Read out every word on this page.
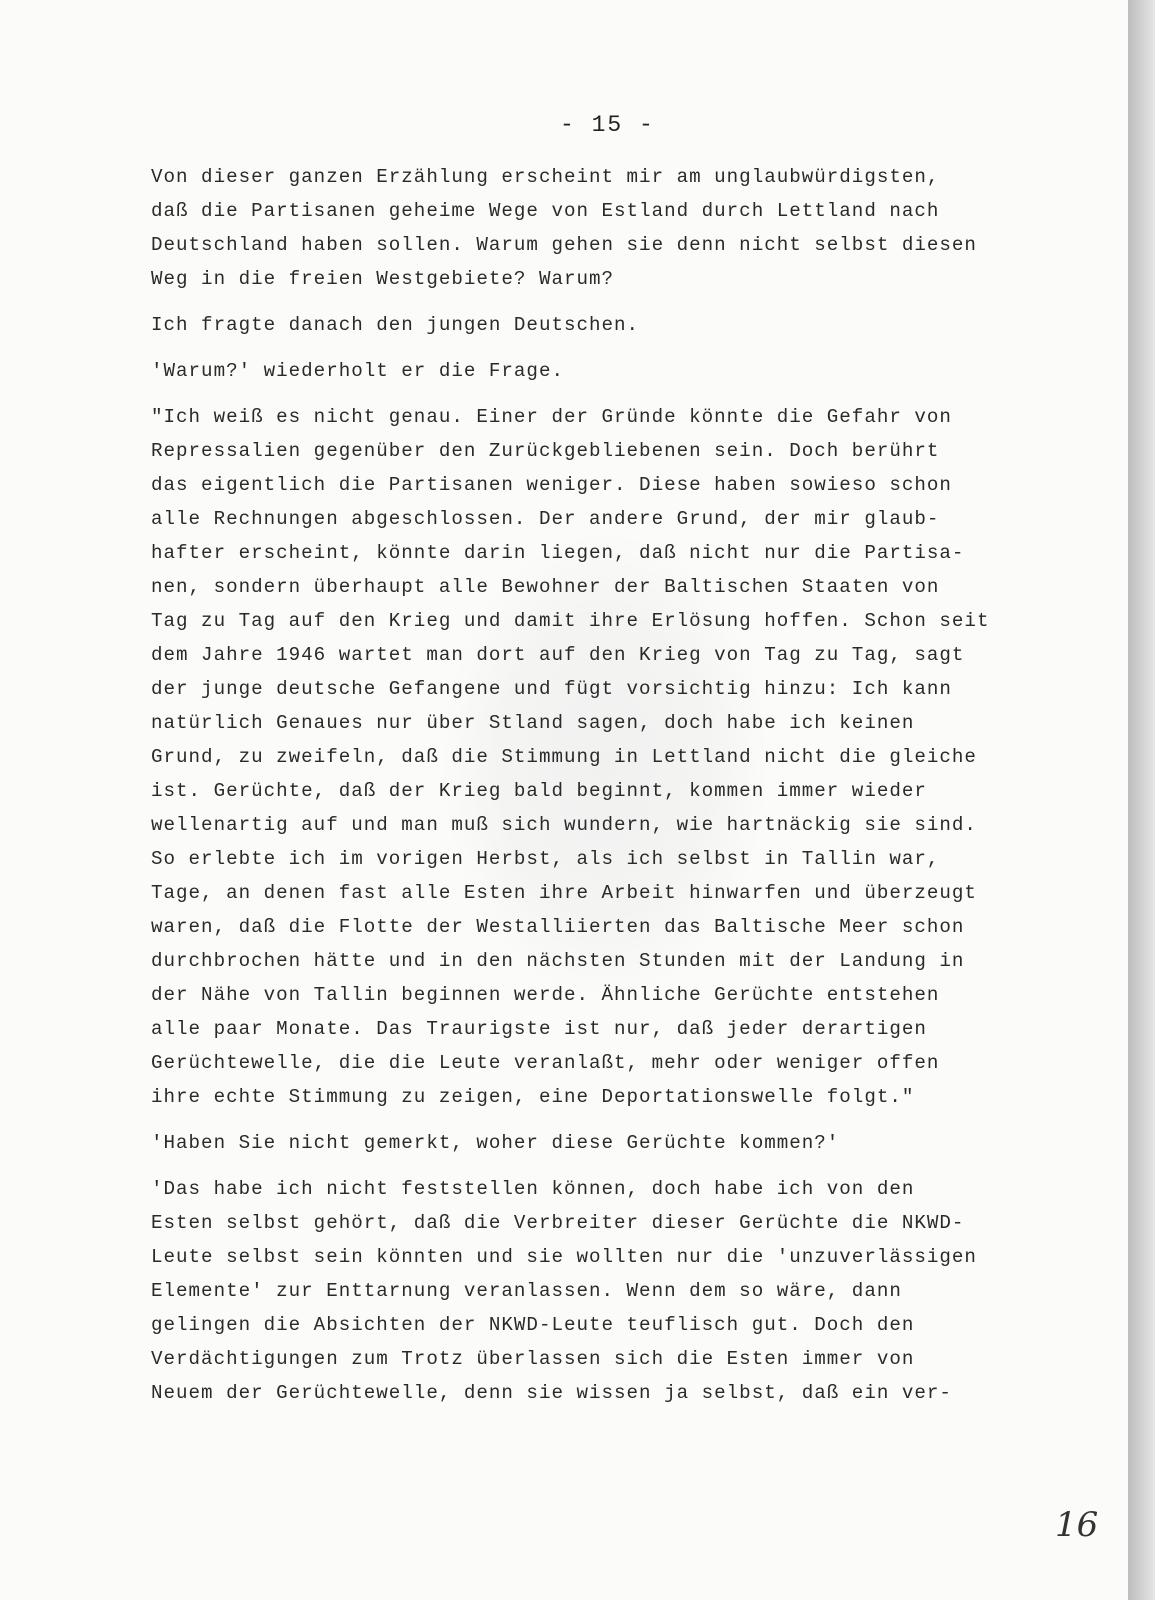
- 15 -
Von dieser ganzen Erzählung erscheint mir am unglaubwürdigsten,
daß die Partisanen geheime Wege von Estland durch Lettland nach
Deutschland haben sollen. Warum gehen sie denn nicht selbst diesen
Weg in die freien Westgebiete? Warum?
Ich fragte danach den jungen Deutschen.
'Warum?' wiederholt er die Frage.
"Ich weiß es nicht genau. Einer der Gründe könnte die Gefahr von
Repressalien gegenüber den Zurückgebliebenen sein. Doch berührt
das eigentlich die Partisanen weniger. Diese haben sowieso schon
alle Rechnungen abgeschlossen. Der andere Grund, der mir glaub-
hafter erscheint, könnte darin liegen, daß nicht nur die Partisa-
nen, sondern überhaupt alle Bewohner der Baltischen Staaten von
Tag zu Tag auf den Krieg und damit ihre Erlösung hoffen. Schon seit
dem Jahre 1946 wartet man dort auf den Krieg von Tag zu Tag, sagt
der junge deutsche Gefangene und fügt vorsichtig hinzu: Ich kann
natürlich Genaues nur über Stland sagen, doch habe ich keinen
Grund, zu zweifeln, daß die Stimmung in Lettland nicht die gleiche
ist. Gerüchte, daß der Krieg bald beginnt, kommen immer wieder
wellenartig auf und man muß sich wundern, wie hartnäckig sie sind.
So erlebte ich im vorigen Herbst, als ich selbst in Tallin war,
Tage, an denen fast alle Esten ihre Arbeit hinwarfen und überzeugt
waren, daß die Flotte der Westalliierten das Baltische Meer schon
durchbrochen hätte und in den nächsten Stunden mit der Landung in
der Nähe von Tallin beginnen werde. Ähnliche Gerüchte entstehen
alle paar Monate. Das Traurigste ist nur, daß jeder derartigen
Gerüchtewelle, die die Leute veranlaßt, mehr oder weniger offen
ihre echte Stimmung zu zeigen, eine Deportationswelle folgt."
'Haben Sie nicht gemerkt, woher diese Gerüchte kommen?'
'Das habe ich nicht feststellen können, doch habe ich von den
Esten selbst gehört, daß die Verbreiter dieser Gerüchte die NKWD-
Leute selbst sein könnten und sie wollten nur die 'unzuverlässigen
Elemente' zur Enttarnung veranlassen. Wenn dem so wäre, dann
gelingen die Absichten der NKWD-Leute teuflisch gut. Doch den
Verdächtigungen zum Trotz überlassen sich die Esten immer von
Neuem der Gerüchtewelle, denn sie wissen ja selbst, daß ein ver-
16
